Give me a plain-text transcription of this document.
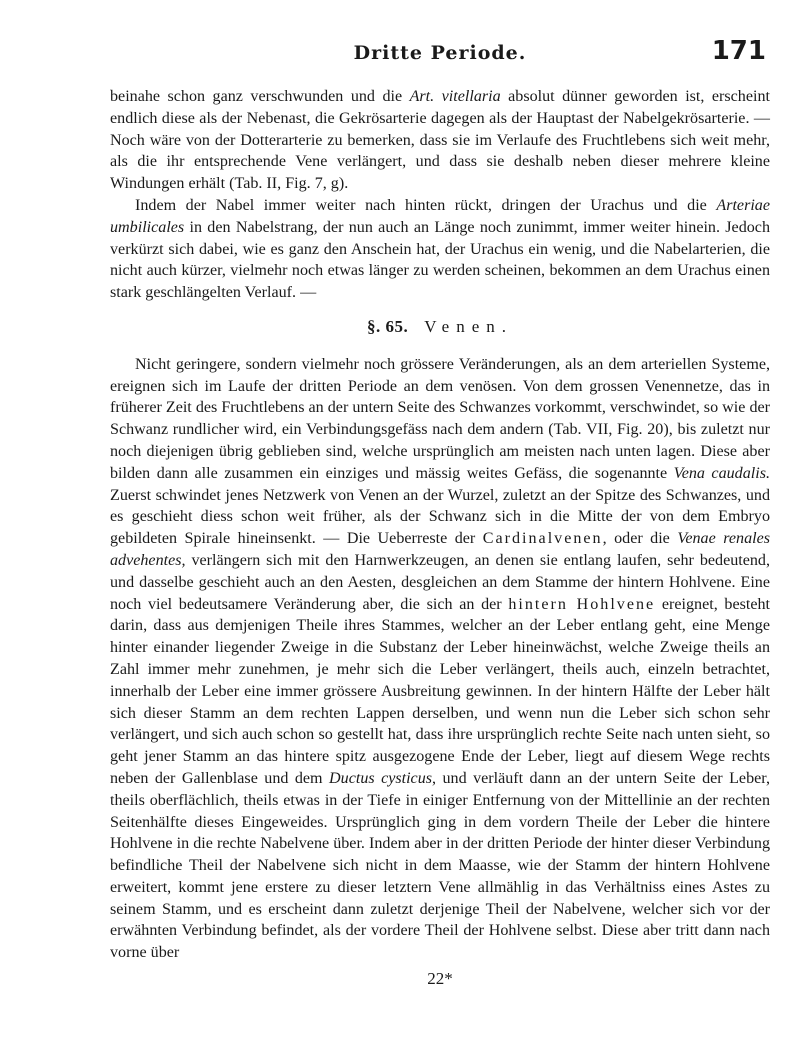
Dritte Periode.	171

beinahe schon ganz verschwunden und die Art. vitellaria absolut dünner geworden ist, erscheint endlich diese als der Nebenast, die Gekrösarterie dagegen als der Hauptast der Nabelgekrösarterie. — Noch wäre von der Dotterarterie zu bemerken, dass sie im Verlaufe des Fruchtlebens sich weit mehr, als die ihr entsprechende Vene verlängert, und dass sie deshalb neben dieser mehrere kleine Windungen erhält (Tab. II, Fig. 7, g).

Indem der Nabel immer weiter nach hinten rückt, dringen der Urachus und die Arteriae umbilicales in den Nabelstrang, der nun auch an Länge noch zunimmt, immer weiter hinein. Jedoch verkürzt sich dabei, wie es ganz den Anschein hat, der Urachus ein wenig, und die Nabelarterien, die nicht auch kürzer, vielmehr noch etwas länger zu werden scheinen, bekommen an dem Urachus einen stark geschlängelten Verlauf. —

§. 65. Venen.

Nicht geringere, sondern vielmehr noch grössere Veränderungen, als an dem arteriellen Systeme, ereignen sich im Laufe der dritten Periode an dem venösen. Von dem grossen Venennetze, das in früherer Zeit des Fruchtlebens an der untern Seite des Schwanzes vorkommt, verschwindet, so wie der Schwanz rundlicher wird, ein Verbindungsgefäss nach dem andern (Tab. VII, Fig. 20), bis zuletzt nur noch diejenigen übrig geblieben sind, welche ursprünglich am meisten nach unten lagen. Diese aber bilden dann alle zusammen ein einziges und mässig weites Gefäss, die sogenannte Vena caudalis. Zuerst schwindet jenes Netzwerk von Venen an der Wurzel, zuletzt an der Spitze des Schwanzes, und es geschieht diess schon weit früher, als der Schwanz sich in die Mitte der von dem Embryo gebildeten Spirale hineinsenkt. — Die Ueberreste der Cardinalvenen, oder die Venae renales advehentes, verlängern sich mit den Harnwerkzeugen, an denen sie entlang laufen, sehr bedeutend, und dasselbe geschieht auch an den Aesten, desgleichen an dem Stamme der hintern Hohlvene. Eine noch viel bedeutsamere Veränderung aber, die sich an der hintern Hohlvene ereignet, besteht darin, dass aus demjenigen Theile ihres Stammes, welcher an der Leber entlang geht, eine Menge hinter einander liegender Zweige in die Substanz der Leber hineinwächst, welche Zweige theils an Zahl immer mehr zunehmen, je mehr sich die Leber verlängert, theils auch, einzeln betrachtet, innerhalb der Leber eine immer grössere Ausbreitung gewinnen. In der hintern Hälfte der Leber hält sich dieser Stamm an dem rechten Lappen derselben, und wenn nun die Leber sich schon sehr verlängert, und sich auch schon so gestellt hat, dass ihre ursprünglich rechte Seite nach unten sieht, so geht jener Stamm an das hintere spitz ausgezogene Ende der Leber, liegt auf diesem Wege rechts neben der Gallenblase und dem Ductus cysticus, und verläuft dann an der untern Seite der Leber, theils oberflächlich, theils etwas in der Tiefe in einiger Entfernung von der Mittellinie an der rechten Seitenhälfte dieses Eingeweides. Ursprünglich ging in dem vordern Theile der Leber die hintere Hohlvene in die rechte Nabelvene über. Indem aber in der dritten Periode der hinter dieser Verbindung befindliche Theil der Nabelvene sich nicht in dem Maasse, wie der Stamm der hintern Hohlvene erweitert, kommt jene erstere zu dieser letztern Vene allmählig in das Verhältniss eines Astes zu seinem Stamm, und es erscheint dann zuletzt derjenige Theil der Nabelvene, welcher sich vor der erwähnten Verbindung befindet, als der vordere Theil der Hohlvene selbst. Diese aber tritt dann nach vorne über

22*
